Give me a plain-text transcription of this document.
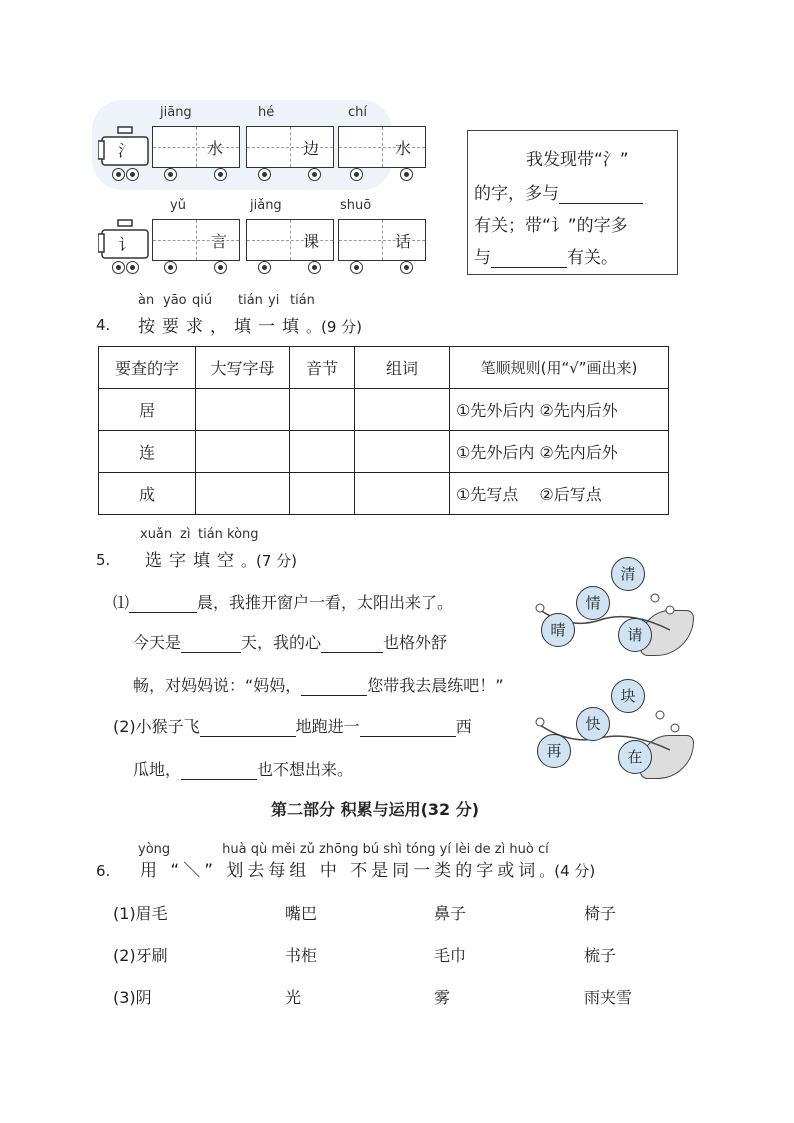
jiāng	hé	chí
氵	水	边	水
yǔ	jiǎng	shuō
讠	言	课	话
我发现带“氵”
的字，多与
有关；带“讠”的字多
与	有关。
àn yāo qiú tián yi tián
4. 按要求，填一填。(9 分)
要查的字	大写字母	音节	组词	笔顺规则(用“√”画出来)
居				①先外后内 ②先内后外
连				①先外后内 ②先内后外
成				①先写点　 ②后写点
xuǎn zì tián kòng
5. 选字填空。(7 分)
⑴	晨，我推开窗户一看，太阳出来了。
今天是	天，我的心	也格外舒
畅，对妈妈说：“妈妈，	您带我去晨练吧！”
(2)小猴子飞	地跑进一	西
瓜地，	也不想出来。
清
情
晴	请
块
快
再	在
第二部分 积累与运用(32 分)
yòng　　　　huà qù měi zǔ zhōng bú shì tóng yí lèi de zì huò cí
6. 用 “＼” 划去每组 中 不是同一类的字或词。(4 分)
(1)眉毛	嘴巴	鼻子	椅子
(2)牙刷	书柜	毛巾	梳子
(3)阴	光	雾	雨夹雪
